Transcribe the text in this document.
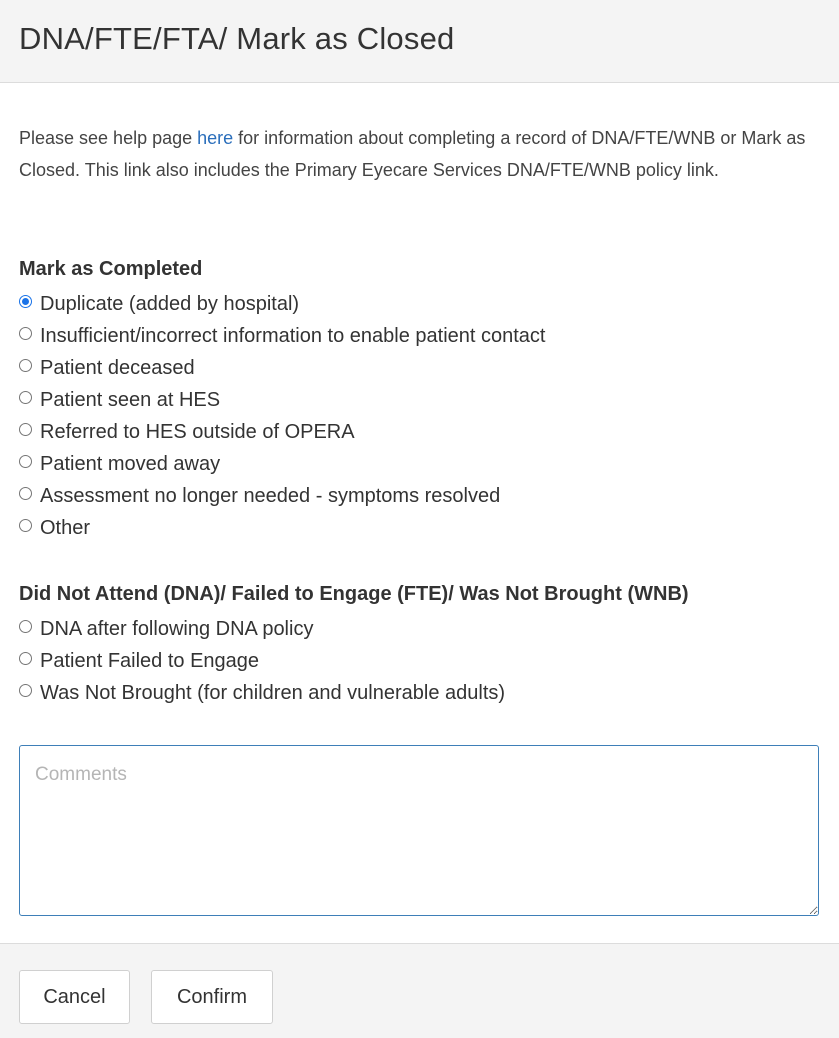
DNA/FTE/FTA/ Mark as Closed

Please see help page here for information about completing a record of DNA/FTE/WNB or Mark as Closed. This link also includes the Primary Eyecare Services DNA/FTE/WNB policy link.

Mark as Completed
Duplicate (added by hospital)
Insufficient/incorrect information to enable patient contact
Patient deceased
Patient seen at HES
Referred to HES outside of OPERA
Patient moved away
Assessment no longer needed - symptoms resolved
Other
Did Not Attend (DNA)/ Failed to Engage (FTE)/ Was Not Brought (WNB)
DNA after following DNA policy
Patient Failed to Engage
Was Not Brought (for children and vulnerable adults)
Comments
Cancel	Confirm
